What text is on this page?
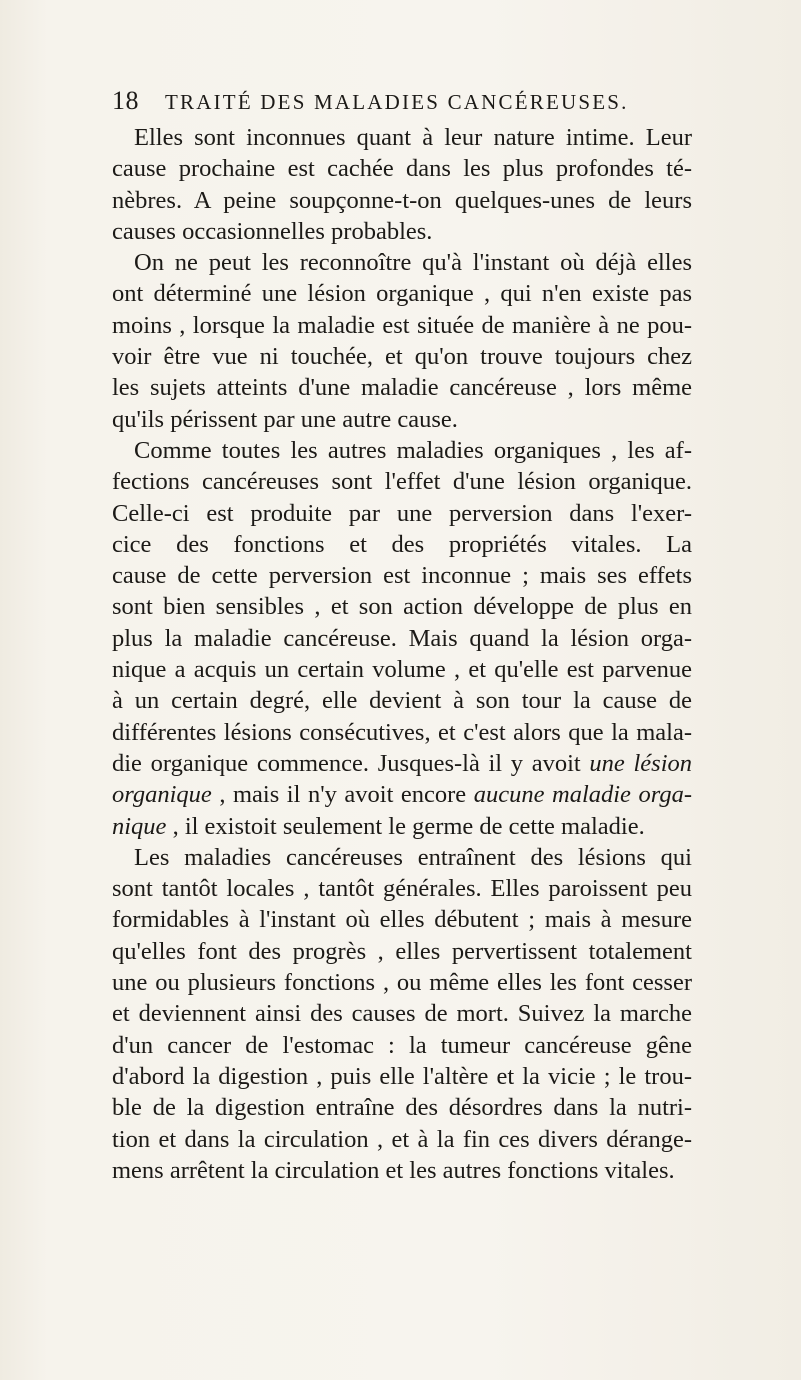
18 TRAITÉ DES MALADIES CANCÉREUSES.
Elles sont inconnues quant à leur nature intime. Leur
cause prochaine est cachée dans les plus profondes té-
nèbres. A peine soupçonne-t-on quelques-unes de leurs
causes occasionnelles probables.
On ne peut les reconnoître qu'à l'instant où déjà elles
ont déterminé une lésion organique , qui n'en existe pas
moins , lorsque la maladie est située de manière à ne pou-
voir être vue ni touchée, et qu'on trouve toujours chez
les sujets atteints d'une maladie cancéreuse , lors même
qu'ils périssent par une autre cause.
Comme toutes les autres maladies organiques , les af-
fections cancéreuses sont l'effet d'une lésion organique.
Celle-ci est produite par une perversion dans l'exer-
cice des fonctions et des propriétés vitales. La
cause de cette perversion est inconnue ; mais ses effets
sont bien sensibles , et son action développe de plus en
plus la maladie cancéreuse. Mais quand la lésion orga-
nique a acquis un certain volume , et qu'elle est parvenue
à un certain degré, elle devient à son tour la cause de
différentes lésions consécutives, et c'est alors que la mala-
die organique commence. Jusques-là il y avoit une lésion
organique , mais il n'y avoit encore aucune maladie orga-
nique , il existoit seulement le germe de cette maladie.
Les maladies cancéreuses entraînent des lésions qui
sont tantôt locales , tantôt générales. Elles paroissent peu
formidables à l'instant où elles débutent ; mais à mesure
qu'elles font des progrès , elles pervertissent totalement
une ou plusieurs fonctions , ou même elles les font cesser
et deviennent ainsi des causes de mort. Suivez la marche
d'un cancer de l'estomac : la tumeur cancéreuse gêne
d'abord la digestion , puis elle l'altère et la vicie ; le trou-
ble de la digestion entraîne des désordres dans la nutri-
tion et dans la circulation , et à la fin ces divers dérange-
mens arrêtent la circulation et les autres fonctions vitales.
